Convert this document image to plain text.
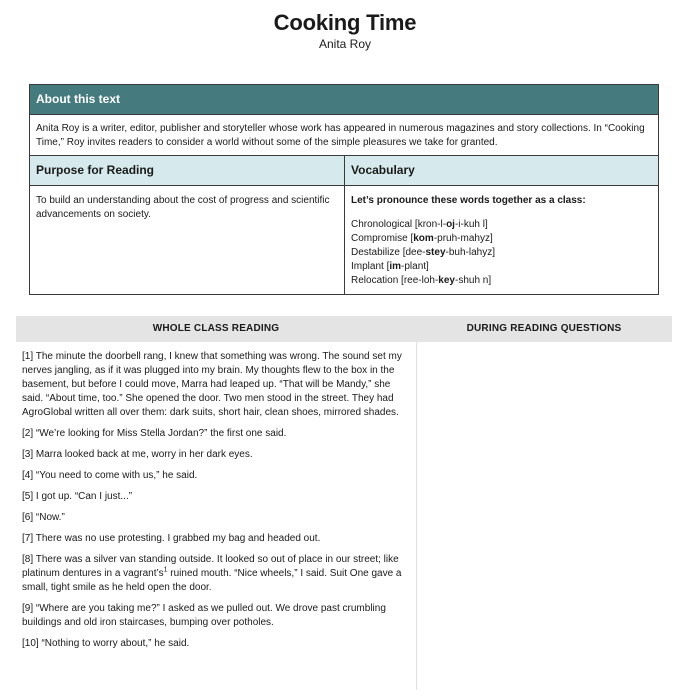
Cooking Time
Anita Roy
About this text
Anita Roy is a writer, editor, publisher and storyteller whose work has appeared in numerous magazines and story collections. In “Cooking Time,” Roy invites readers to consider a world without some of the simple pleasures we take for granted.
Purpose for Reading
To build an understanding about the cost of progress and scientific advancements on society.
Vocabulary
Let’s pronounce these words together as a class:
Chronological [kron-l-oj-i-kuh l]
Compromise [kom-pruh-mahyz]
Destabilize [dee-stey-buh-lahyz]
Implant [im-plant]
Relocation [ree-loh-key-shuh n]
WHOLE CLASS READING	DURING READING QUESTIONS

[1] The minute the doorbell rang, I knew that something was wrong. The sound set my nerves jangling, as if it was plugged into my brain. My thoughts flew to the box in the basement, but before I could move, Marra had leaped up. “That will be Mandy,” she said. “About time, too.” She opened the door. Two men stood in the street. They had AgroGlobal written all over them: dark suits, short hair, clean shoes, mirrored shades.

[2] “We’re looking for Miss Stella Jordan?” the first one said.

[3] Marra looked back at me, worry in her dark eyes.

[4] “You need to come with us,” he said.

[5] I got up. “Can I just...”

[6] “Now.”

[7] There was no use protesting. I grabbed my bag and headed out.

[8] There was a silver van standing outside. It looked so out of place in our street; like platinum dentures in a $vagrant’s^1$ ruined mouth. “Nice wheels,” I said. Suit One gave a small, tight smile as he held open the door.

[9] “Where are you taking me?” I asked as we pulled out. We drove past crumbling buildings and old iron staircases, bumping over potholes.

[10] “Nothing to worry about,” he said.
